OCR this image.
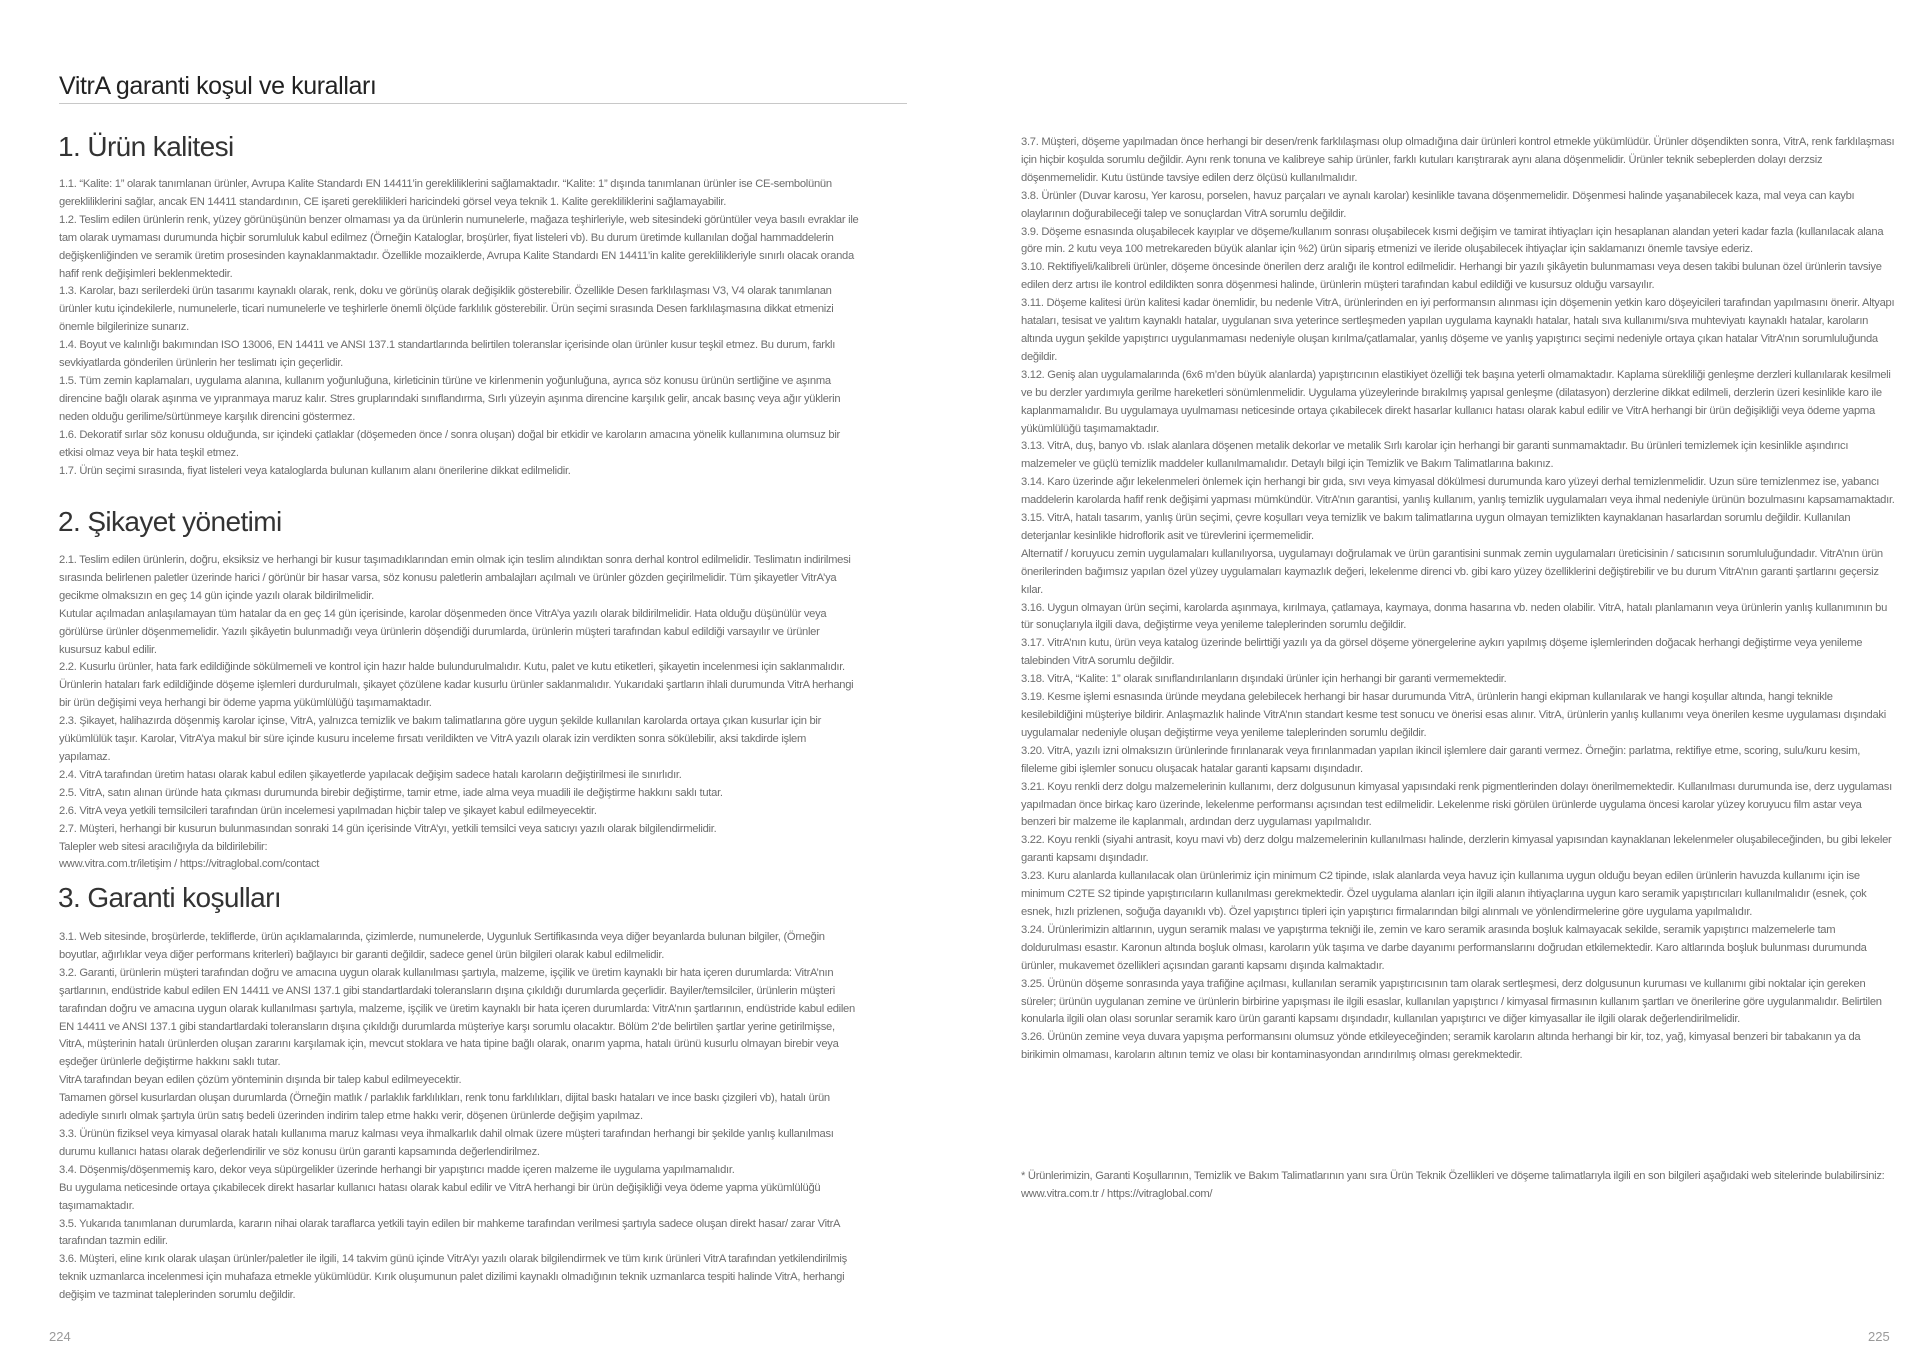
VitrA garanti koşul ve kuralları
1. Ürün kalitesi

1.1. “Kalite: 1” olarak tanımlanan ürünler, Avrupa Kalite Standardı EN 14411’in gerekliliklerini sağlamaktadır. “Kalite: 1” dışında tanımlanan ürünler ise CE-sembolünün gerekliliklerini sağlar, ancak EN 14411 standardının, CE işareti gereklilikleri haricindeki görsel veya teknik 1. Kalite gerekliliklerini sağlamayabilir.

1.2. Teslim edilen ürünlerin renk, yüzey görünüşünün benzer olmaması ya da ürünlerin numunelerle, mağaza teşhirleriyle, web sitesindeki görüntüler veya basılı evraklar ile tam olarak uymaması durumunda hiçbir sorumluluk kabul edilmez (Örneğin Kataloglar, broşürler, fiyat listeleri vb). Bu durum üretimde kullanılan doğal hammaddelerin değişkenliğinden ve seramik üretim prosesinden kaynaklanmaktadır. Özellikle mozaiklerde, Avrupa Kalite Standardı EN 14411’in kalite gereklilikleriyle sınırlı olacak oranda hafif renk değişimleri beklenmektedir.

1.3. Karolar, bazı serilerdeki ürün tasarımı kaynaklı olarak, renk, doku ve görünüş olarak değişiklik gösterebilir. Özellikle Desen farklılaşması V3, V4 olarak tanımlanan ürünler kutu içindekilerle, numunelerle, ticari numunelerle ve teşhirlerle önemli ölçüde farklılık gösterebilir. Ürün seçimi sırasında Desen farklılaşmasına dikkat etmenizi önemle bilgilerinize sunarız.

1.4. Boyut ve kalınlığı bakımından ISO 13006, EN 14411 ve ANSI 137.1 standartlarında belirtilen toleranslar içerisinde olan ürünler kusur teşkil etmez. Bu durum, farklı sevkiyatlarda gönderilen ürünlerin her teslimatı için geçerlidir.

1.5. Tüm zemin kaplamaları, uygulama alanına, kullanım yoğunluğuna, kirleticinin türüne ve kirlenmenin yoğunluğuna, ayrıca söz konusu ürünün sertliğine ve aşınma direncine bağlı olarak aşınma ve yıpranmaya maruz kalır. Stres gruplarındaki sınıflandırma, Sırlı yüzeyin aşınma direncine karşılık gelir, ancak basınç veya ağır yüklerin neden olduğu gerilime/sürtünmeye karşılık direncini göstermez.

1.6. Dekoratif sırlar söz konusu olduğunda, sır içindeki çatlaklar (döşemeden önce / sonra oluşan) doğal bir etkidir ve karoların amacına yönelik kullanımına olumsuz bir etkisi olmaz veya bir hata teşkil etmez.

1.7. Ürün seçimi sırasında, fiyat listeleri veya kataloglarda bulunan kullanım alanı önerilerine dikkat edilmelidir.

2. Şikayet yönetimi

2.1. Teslim edilen ürünlerin, doğru, eksiksiz ve herhangi bir kusur taşımadıklarından emin olmak için teslim alındıktan sonra derhal kontrol edilmelidir. Teslimatın indirilmesi sırasında belirlenen paletler üzerinde harici / görünür bir hasar varsa, söz konusu paletlerin ambalajları açılmalı ve ürünler gözden geçirilmelidir. Tüm şikayetler VitrA’ya gecikme olmaksızın en geç 14 gün içinde yazılı olarak bildirilmelidir.

Kutular açılmadan anlaşılamayan tüm hatalar da en geç 14 gün içerisinde, karolar döşenmeden önce VitrA’ya yazılı olarak bildirilmelidir. Hata olduğu düşünülür veya görülürse ürünler döşenmemelidir. Yazılı şikâyetin bulunmadığı veya ürünlerin döşendiği durumlarda, ürünlerin müşteri tarafından kabul edildiği varsayılır ve ürünler kusursuz kabul edilir.

2.2. Kusurlu ürünler, hata fark edildiğinde sökülmemeli ve kontrol için hazır halde bulundurulmalıdır. Kutu, palet ve kutu etiketleri, şikayetin incelenmesi için saklanmalıdır. Ürünlerin hataları fark edildiğinde döşeme işlemleri durdurulmalı, şikayet çözülene kadar kusurlu ürünler saklanmalıdır. Yukarıdaki şartların ihlali durumunda VitrA herhangi bir ürün değişimi veya herhangi bir ödeme yapma yükümlülüğü taşımamaktadır.

2.3. Şikayet, halihazırda döşenmiş karolar içinse, VitrA, yalnızca temizlik ve bakım talimatlarına göre uygun şekilde kullanılan karolarda ortaya çıkan kusurlar için bir yükümlülük taşır. Karolar, VitrA’ya makul bir süre içinde kusuru inceleme fırsatı verildikten ve VitrA yazılı olarak izin verdikten sonra sökülebilir, aksi takdirde işlem yapılamaz.

2.4. VitrA tarafından üretim hatası olarak kabul edilen şikayetlerde yapılacak değişim sadece hatalı karoların değiştirilmesi ile sınırlıdır.

2.5. VitrA, satın alınan üründe hata çıkması durumunda birebir değiştirme, tamir etme, iade alma veya muadili ile değiştirme hakkını saklı tutar.

2.6. VitrA veya yetkili temsilcileri tarafından ürün incelemesi yapılmadan hiçbir talep ve şikayet kabul edilmeyecektir.

2.7. Müşteri, herhangi bir kusurun bulunmasından sonraki 14 gün içerisinde VitrA’yı, yetkili temsilci veya satıcıyı yazılı olarak bilgilendirmelidir.

Talepler web sitesi aracılığıyla da bildirilebilir:

www.vitra.com.tr/iletişim / https://vitraglobal.com/contact

3. Garanti koşulları

3.1. Web sitesinde, broşürlerde, tekliflerde, ürün açıklamalarında, çizimlerde, numunelerde, Uygunluk Sertifikasında veya diğer beyanlarda bulunan bilgiler, (Örneğin boyutlar, ağırlıklar veya diğer performans kriterleri) bağlayıcı bir garanti değildir, sadece genel ürün bilgileri olarak kabul edilmelidir.

3.2. Garanti, ürünlerin müşteri tarafından doğru ve amacına uygun olarak kullanılması şartıyla, malzeme, işçilik ve üretim kaynaklı bir hata içeren durumlarda: VitrA’nın şartlarının, endüstride kabul edilen EN 14411 ve ANSI 137.1 gibi standartlardaki toleransların dışına çıkıldığı durumlarda geçerlidir. Bayiler/temsilciler, ürünlerin müşteri tarafından doğru ve amacına uygun olarak kullanılması şartıyla, malzeme, işçilik ve üretim kaynaklı bir hata içeren durumlarda: VitrA’nın şartlarının, endüstride kabul edilen EN 14411 ve ANSI 137.1 gibi standartlardaki toleransların dışına çıkıldığı durumlarda müşteriye karşı sorumlu olacaktır. Bölüm 2’de belirtilen şartlar yerine getirilmişse, VitrA, müşterinin hatalı ürünlerden oluşan zararını karşılamak için, mevcut stoklara ve hata tipine bağlı olarak, onarım yapma, hatalı ürünü kusurlu olmayan birebir veya eşdeğer ürünlerle değiştirme hakkını saklı tutar.

VitrA tarafından beyan edilen çözüm yönteminin dışında bir talep kabul edilmeyecektir.

Tamamen görsel kusurlardan oluşan durumlarda (Örneğin matlık / parlaklık farklılıkları, renk tonu farklılıkları, dijital baskı hataları ve ince baskı çizgileri vb), hatalı ürün adediyle sınırlı olmak şartıyla ürün satış bedeli üzerinden indirim talep etme hakkı verir, döşenen ürünlerde değişim yapılmaz.

3.3. Ürünün fiziksel veya kimyasal olarak hatalı kullanıma maruz kalması veya ihmalkarlık dahil olmak üzere müşteri tarafından herhangi bir şekilde yanlış kullanılması durumu kullanıcı hatası olarak değerlendirilir ve söz konusu ürün garanti kapsamında değerlendirilmez.

3.4. Döşenmiş/döşenmemiş karo, dekor veya süpürgelikler üzerinde herhangi bir yapıştırıcı madde içeren malzeme ile uygulama yapılmamalıdır.

Bu uygulama neticesinde ortaya çıkabilecek direkt hasarlar kullanıcı hatası olarak kabul edilir ve VitrA herhangi bir ürün değişikliği veya ödeme yapma yükümlülüğü taşımamaktadır.

3.5. Yukarıda tanımlanan durumlarda, kararın nihai olarak taraflarca yetkili tayin edilen bir mahkeme tarafından verilmesi şartıyla sadece oluşan direkt hasar/ zarar VitrA tarafından tazmin edilir.

3.6. Müşteri, eline kırık olarak ulaşan ürünler/paletler ile ilgili, 14 takvim günü içinde VitrA’yı yazılı olarak bilgilendirmek ve tüm kırık ürünleri VitrA tarafından yetkilendirilmiş teknik uzmanlarca incelenmesi için muhafaza etmekle yükümlüdür. Kırık oluşumunun palet dizilimi kaynaklı olmadığının teknik uzmanlarca tespiti halinde VitrA, herhangi değişim ve tazminat taleplerinden sorumlu değildir.

3.7. Müşteri, döşeme yapılmadan önce herhangi bir desen/renk farklılaşması olup olmadığına dair ürünleri kontrol etmekle yükümlüdür. Ürünler döşendikten sonra, VitrA, renk farklılaşması için hiçbir koşulda sorumlu değildir. Aynı renk tonuna ve kalibreye sahip ürünler, farklı kutuları karıştırarak aynı alana döşenmelidir. Ürünler teknik sebeplerden dolayı derzsiz döşenmemelidir. Kutu üstünde tavsiye edilen derz ölçüsü kullanılmalıdır.

3.8. Ürünler (Duvar karosu, Yer karosu, porselen, havuz parçaları ve aynalı karolar) kesinlikle tavana döşenmemelidir. Döşenmesi halinde yaşanabilecek kaza, mal veya can kaybı olaylarının doğurabileceği talep ve sonuçlardan VitrA sorumlu değildir.

3.9. Döşeme esnasında oluşabilecek kayıplar ve döşeme/kullanım sonrası oluşabilecek kısmi değişim ve tamirat ihtiyaçları için hesaplanan alandan yeteri kadar fazla (kullanılacak alana göre min. 2 kutu veya 100 metrekareden büyük alanlar için %2) ürün sipariş etmenizi ve ileride oluşabilecek ihtiyaçlar için saklamanızı önemle tavsiye ederiz.

3.10. Rektifiyeli/kalibreli ürünler, döşeme öncesinde önerilen derz aralığı ile kontrol edilmelidir. Herhangi bir yazılı şikâyetin bulunmaması veya desen takibi bulunan özel ürünlerin tavsiye edilen derz artısı ile kontrol edildikten sonra döşenmesi halinde, ürünlerin müşteri tarafından kabul edildiği ve kusursuz olduğu varsayılır.

3.11. Döşeme kalitesi ürün kalitesi kadar önemlidir, bu nedenle VitrA, ürünlerinden en iyi performansın alınması için döşemenin yetkin karo döşeyicileri tarafından yapılmasını önerir. Altyapı hataları, tesisat ve yalıtım kaynaklı hatalar, uygulanan sıva yeterince sertleşmeden yapılan uygulama kaynaklı hatalar, hatalı sıva kullanımı/sıva muhteviyatı kaynaklı hatalar, karoların altında uygun şekilde yapıştırıcı uygulanmaması nedeniyle oluşan kırılma/çatlamalar, yanlış döşeme ve yanlış yapıştırıcı seçimi nedeniyle ortaya çıkan hatalar VitrA’nın sorumluluğunda değildir.

3.12. Geniş alan uygulamalarında (6x6 m’den büyük alanlarda) yapıştırıcının elastikiyet özelliği tek başına yeterli olmamaktadır. Kaplama sürekliliği genleşme derzleri kullanılarak kesilmeli ve bu derzler yardımıyla gerilme hareketleri sönümlenmelidir. Uygulama yüzeylerinde bırakılmış yapısal genleşme (dilatasyon) derzlerine dikkat edilmeli, derzlerin üzeri kesinlikle karo ile kaplanmamalıdır. Bu uygulamaya uyulmaması neticesinde ortaya çıkabilecek direkt hasarlar kullanıcı hatası olarak kabul edilir ve VitrA herhangi bir ürün değişikliği veya ödeme yapma yükümlülüğü taşımamaktadır.

3.13. VitrA, duş, banyo vb. ıslak alanlara döşenen metalik dekorlar ve metalik Sırlı karolar için herhangi bir garanti sunmamaktadır. Bu ürünleri temizlemek için kesinlikle aşındırıcı malzemeler ve güçlü temizlik maddeler kullanılmamalıdır. Detaylı bilgi için Temizlik ve Bakım Talimatlarına bakınız.

3.14. Karo üzerinde ağır lekelenmeleri önlemek için herhangi bir gıda, sıvı veya kimyasal dökülmesi durumunda karo yüzeyi derhal temizlenmelidir. Uzun süre temizlenmez ise, yabancı maddelerin karolarda hafif renk değişimi yapması mümkündür. VitrA’nın garantisi, yanlış kullanım, yanlış temizlik uygulamaları veya ihmal nedeniyle ürünün bozulmasını kapsamamaktadır.

3.15. VitrA, hatalı tasarım, yanlış ürün seçimi, çevre koşulları veya temizlik ve bakım talimatlarına uygun olmayan temizlikten kaynaklanan hasarlardan sorumlu değildir. Kullanılan deterjanlar kesinlikle hidroflorik asit ve türevlerini içermemelidir.

Alternatif / koruyucu zemin uygulamaları kullanılıyorsa, uygulamayı doğrulamak ve ürün garantisini sunmak zemin uygulamaları üreticisinin / satıcısının sorumluluğundadır. VitrA’nın ürün önerilerinden bağımsız yapılan özel yüzey uygulamaları kaymazlık değeri, lekelenme direnci vb. gibi karo yüzey özelliklerini değiştirebilir ve bu durum VitrA’nın garanti şartlarını geçersiz kılar.

3.16. Uygun olmayan ürün seçimi, karolarda aşınmaya, kırılmaya, çatlamaya, kaymaya, donma hasarına vb. neden olabilir. VitrA, hatalı planlamanın veya ürünlerin yanlış kullanımının bu tür sonuçlarıyla ilgili dava, değiştirme veya yenileme taleplerinden sorumlu değildir.

3.17. VitrA’nın kutu, ürün veya katalog üzerinde belirttiği yazılı ya da görsel döşeme yönergelerine aykırı yapılmış döşeme işlemlerinden doğacak herhangi değiştirme veya yenileme talebinden VitrA sorumlu değildir.

3.18. VitrA, “Kalite: 1” olarak sınıflandırılanların dışındaki ürünler için herhangi bir garanti vermemektedir.

3.19. Kesme işlemi esnasında üründe meydana gelebilecek herhangi bir hasar durumunda VitrA, ürünlerin hangi ekipman kullanılarak ve hangi koşullar altında, hangi teknikle kesilebildiğini müşteriye bildirir. Anlaşmazlık halinde VitrA’nın standart kesme test sonucu ve önerisi esas alınır. VitrA, ürünlerin yanlış kullanımı veya önerilen kesme uygulaması dışındaki uygulamalar nedeniyle oluşan değiştirme veya yenileme taleplerinden sorumlu değildir.

3.20. VitrA, yazılı izni olmaksızın ürünlerinde fırınlanarak veya fırınlanmadan yapılan ikincil işlemlere dair garanti vermez. Örneğin: parlatma, rektifiye etme, scoring, sulu/kuru kesim, fileleme gibi işlemler sonucu oluşacak hatalar garanti kapsamı dışındadır.

3.21. Koyu renkli derz dolgu malzemelerinin kullanımı, derz dolgusunun kimyasal yapısındaki renk pigmentlerinden dolayı önerilmemektedir. Kullanılması durumunda ise, derz uygulaması yapılmadan önce birkaç karo üzerinde, lekelenme performansı açısından test edilmelidir. Lekelenme riski görülen ürünlerde uygulama öncesi karolar yüzey koruyucu film astar veya benzeri bir malzeme ile kaplanmalı, ardından derz uygulaması yapılmalıdır.

3.22. Koyu renkli (siyahi antrasit, koyu mavi vb) derz dolgu malzemelerinin kullanılması halinde, derzlerin kimyasal yapısından kaynaklanan lekelenmeler oluşabileceğinden, bu gibi lekeler garanti kapsamı dışındadır.

3.23. Kuru alanlarda kullanılacak olan ürünlerimiz için minimum C2 tipinde, ıslak alanlarda veya havuz için kullanıma uygun olduğu beyan edilen ürünlerin havuzda kullanımı için ise minimum C2TE S2 tipinde yapıştırıcıların kullanılması gerekmektedir. Özel uygulama alanları için ilgili alanın ihtiyaçlarına uygun karo seramik yapıştırıcıları kullanılmalıdır (esnek, çok esnek, hızlı prizlenen, soğuğa dayanıklı vb). Özel yapıştırıcı tipleri için yapıştırıcı firmalarından bilgi alınmalı ve yönlendirmelerine göre uygulama yapılmalıdır.

3.24. Ürünlerimizin altlarının, uygun seramik malası ve yapıştırma tekniği ile, zemin ve karo seramik arasında boşluk kalmayacak sekilde, seramik yapıştırıcı malzemelerle tam doldurulması esastır. Karonun altında boşluk olması, karoların yük taşıma ve darbe dayanımı performanslarını doğrudan etkilemektedir. Karo altlarında boşluk bulunması durumunda ürünler, mukavemet özellikleri açısından garanti kapsamı dışında kalmaktadır.

3.25. Ürünün döşeme sonrasında yaya trafiğine açılması, kullanılan seramik yapıştırıcısının tam olarak sertleşmesi, derz dolgusunun kuruması ve kullanımı gibi noktalar için gereken süreler; ürünün uygulanan zemine ve ürünlerin birbirine yapışması ile ilgili esaslar, kullanılan yapıştırıcı / kimyasal firmasının kullanım şartları ve önerilerine göre uygulanmalıdır. Belirtilen konularla ilgili olan olası sorunlar seramik karo ürün garanti kapsamı dışındadır, kullanılan yapıştırıcı ve diğer kimyasallar ile ilgili olarak değerlendirilmelidir.

3.26. Ürünün zemine veya duvara yapışma performansını olumsuz yönde etkileyeceğinden; seramik karoların altında herhangi bir kir, toz, yağ, kimyasal benzeri bir tabakanın ya da birikimin olmaması, karoların altının temiz ve olası bir kontaminasyondan arındırılmış olması gerekmektedir.

* Ürünlerimizin, Garanti Koşullarının, Temizlik ve Bakım Talimatlarının yanı sıra Ürün Teknik Özellikleri ve döşeme talimatlarıyla ilgili en son bilgileri aşağıdaki web sitelerinde bulabilirsiniz:

www.vitra.com.tr / https://vitraglobal.com/

224	225
